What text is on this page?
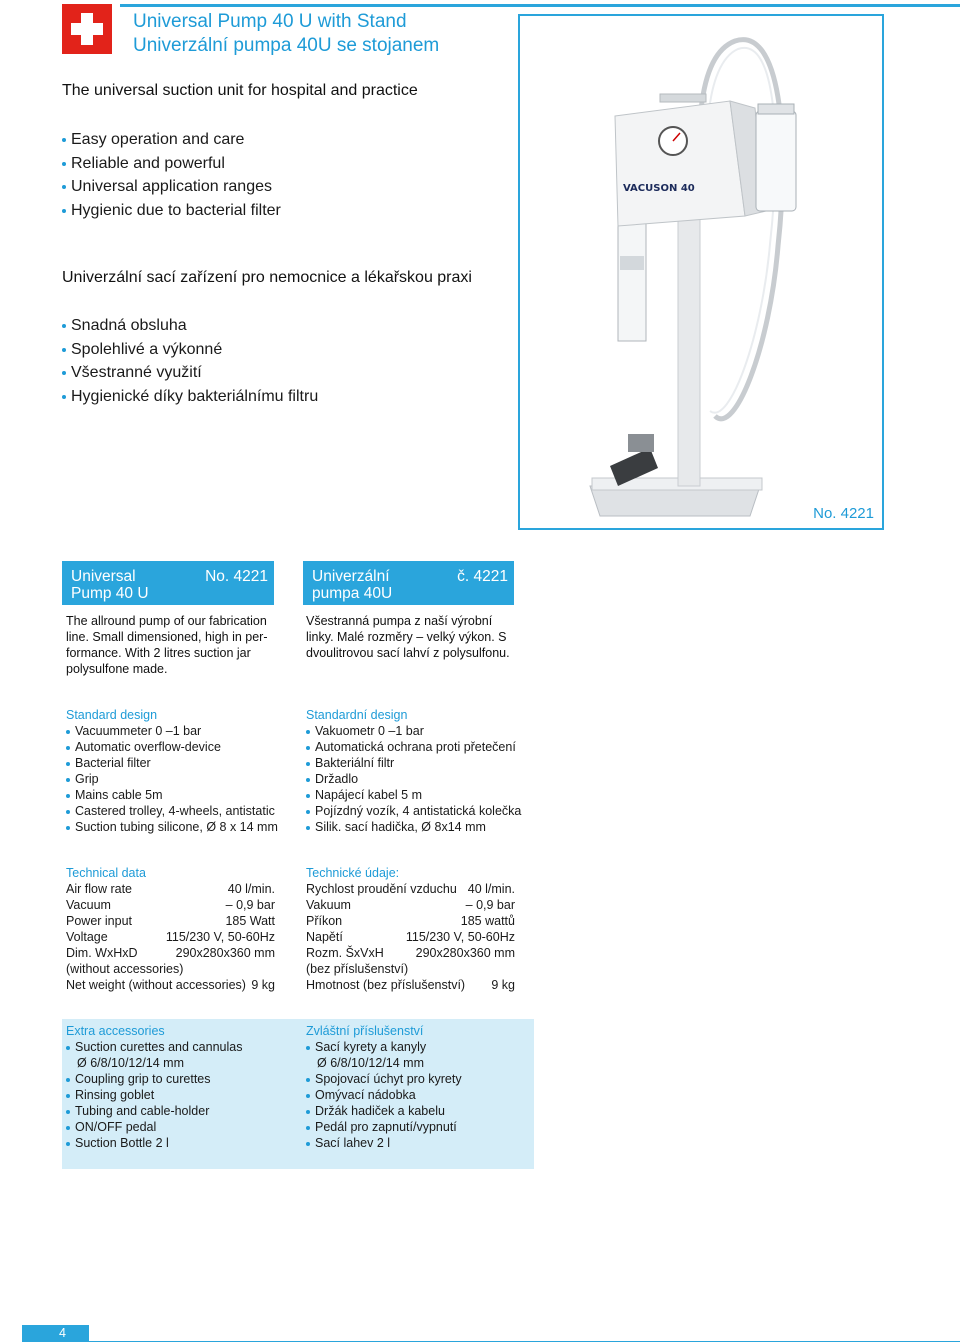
Universal Pump 40 U with Stand
Univerzální pumpa 40U se stojanem
The universal suction unit for hospital and practice
Easy operation and care
Reliable and powerful
Universal application ranges
Hygienic due to bacterial filter
Univerzální sací zařízení pro nemocnice a lékařskou praxi
Snadná obsluha
Spolehlivé a výkonné
Všestranné využití
Hygienické díky bakteriálnímu filtru
VACUSON 40
No. 4221
Universal
Pump 40 U
No. 4221	Univerzální
pumpa 40U
č. 4221
The allround pump of our fabrication
line. Small dimensioned, high in per-
formance. With 2 litres suction jar
polysulfone made.
Všestranná pumpa z naší výrobní
linky. Malé rozměry – velký výkon. S
dvoulitrovou sací lahví z polysulfonu.
Standard design
Vacuummeter 0 –1 bar
Automatic overflow-device
Bacterial filter
Grip
Mains cable 5m
Castered trolley, 4-wheels, antistatic
Suction tubing silicone, Ø 8 x 14 mm
Standardní design
Vakuometr 0 –1 bar
Automatická ochrana proti přetečení
Bakteriální filtr
Držadlo
Napájecí kabel 5 m
Pojízdný vozík, 4 antistatická kolečka
Silik. sací hadička, Ø 8x14 mm
Technical data
Air flow rate	40 l/min.
Vacuum	– 0,9 bar
Power input	185 Watt
Voltage	115/230 V, 50-60Hz
Dim. WxHxD	290x280x360 mm
(without accessories)
Net weight (without accessories) 9 kg
Technické údaje:
Rychlost proudění vzduchu 40 l/min.
Vakuum	– 0,9 bar
Příkon	185 wattů
Napětí	115/230 V, 50-60Hz
Rozm. ŠxVxH	290x280x360 mm
(bez příslušenství)
Hmotnost (bez příslušenství) 9 kg
Extra accessories
Suction curettes and cannulas
Ø 6/8/10/12/14 mm
Coupling grip to curettes
Rinsing goblet
Tubing and cable-holder
ON/OFF pedal
Suction Bottle 2 l
Zvláštní příslušenství
Sací kyrety a kanyly
Ø 6/8/10/12/14 mm
Spojovací úchyt pro kyrety
Omývací nádobka
Držák hadiček a kabelu
Pedál pro zapnutí/vypnutí
Sací lahev 2 l
4
